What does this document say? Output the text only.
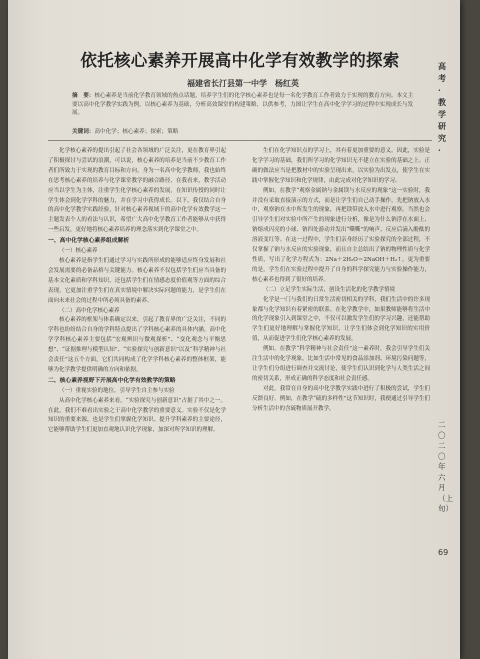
依托核心素养开展高中化学有效教学的探索
福建省长汀县第一中学　杨红英
摘　要：核心素养是当前化学教育领域的热点话题，培养学生们的化学核心素养也是每一名化学教育工作者致力于实现的教育方向。本文主要以高中化学教学实践为例，以核心素养为基础，分析高效课堂的构建策略，以供参考，力图让学生在高中化学学习的过程中实现成长与发展。
关键词：高中化学；核心素养；探索；策略

化学核心素养的提出引起了社会各领域的广泛关注，更在教育界引起了积极探讨与尝试的浪潮，可以说，核心素养的培养是当前不少教育工作者们所致力于实现的教育目标和方向。身为一名高中化学教师，我也始终在思考核心素养的培养与化学课堂教学的融合路径，在我看来，教学活动应当以学生为主体，注重学生化学核心素养的发展，在知识传授的同时让学生体会到化学学科的魅力，并在学习中获得成长。以下，我仅结合自身的高中化学教学实践经验，针对核心素养视域下的高中化学有效教学这一主题发表个人的看法与认识，希望广大高中化学教育工作者能够从中获得一些启发，更好地将核心素养培养的理念落实到化学课堂之中。

一、高中化学核心素养组成解析
（一）核心素养

核心素养是指学生们通过学习与实践所形成的能够适应终身发展和社会发展需要的必备品格与关键能力。核心素养不仅包括学生们应当具备的基本文化素质和学科知识，还包括学生们在情感态度价值观等方面的综合表现，它更加注重学生们在真实情境中解决实际问题的能力，是学生们在面向未来社会的过程中所必须具备的素养。

（二）高中化学核心素养

核心素养的框架与体系确定以来，引起了教育界的广泛关注，不同的学科也纷纷结合自身的学科特点提出了学科核心素养的具体内涵。高中化学学科核心素养主要包括“宏观辨识与微观探析”、“变化观念与平衡思想”、“证据推理与模型认知”、“实验探究与创新意识”以及“科学精神与社会责任”这五个方面，它们共同构成了化学学科核心素养的整体框架，能够为化学教学提供明确的方向和依据。

二、核心素养视野下开展高中化学有效教学的策略
（一）重视实验的地位，引导学生自主参与实验

从高中化学核心素养来看，“实验探究与创新意识”占据了其中之一。在此，我们不难看出实验之于高中化学教学的重要意义。实验不仅是化学知识的重要来源，也是学生们掌握化学知识、提升学科素养的主要途径，它能够帮助学生们更加直观地认识化学现象，加深对所学知识的理解。

生们在化学知识点的学习上，其有着更加重要的意义。因此，实验是化学学习的基础，我们所学习的化学知识无不建立在实验的基础之上。正确的做法应当是把教材中的实验呈现出来，以实验为出发点，使学生在实践中掌握化学知识和化学规律，由此完成对化学知识的学习。

例如，在教学“观察金属钠与金属镁与水反应的现象”这一实验时，我并没有采取直接演示的方式，而是让学生们自己动手操作，先把钠放入水中，观察钠在水中所发生的现象，再把镁带放入水中进行观察。当然也会引导学生们对实验中所产生的现象进行分析，像是为什么钠浮在水面上、钠熔成闪亮的小球、钠四处游动并发出“嘶嘶”的响声、反应后滴入酚酞的溶液变红等。在这一过程中，学生们亲身经历了实验探究的全部过程，不仅掌握了钠与水反应的实验现象，而且自主总结出了钠的物理性质与化学性质，写出了化学方程式为：2Na＋2H₂O＝2NaOH＋H₂↑。更为重要的是，学生们在实验过程中提升了自身的科学探究能力与实验操作能力，核心素养也得到了很好的培养。

（二）立足学生实际生活，创设生活化的化学教学情境

化学是一门与我们的日常生活密切相关的学科，我们生活中的许多现象都与化学知识有着紧密的联系。在化学教学中，如果教师能够将生活中的化学现象引入到课堂之中，不仅可以激发学生们的学习兴趣，还能帮助学生们更好地理解与掌握化学知识，让学生们体会到化学知识的实用价值，从而促进学生们化学核心素养的发展。

例如，在教学“科学精神与社会责任”这一素养时，我会引导学生们关注生活中的化学现象，比如生活中常见的食品添加剂、环境污染问题等，让学生们分组进行调查并交流讨论，使学生们认识到化学与人类生活之间的密切关系，形成正确的科学态度和社会责任感。

对此，我常在自身的高中化学教学实践中进行了积极的尝试，学生们反馈良好。例如，在教学“硫的多样性”这节知识时，我便通过引导学生们分析生活中的含硫物质展开教学。

高考·教学研究·
二〇二〇年六月（上旬）
69
